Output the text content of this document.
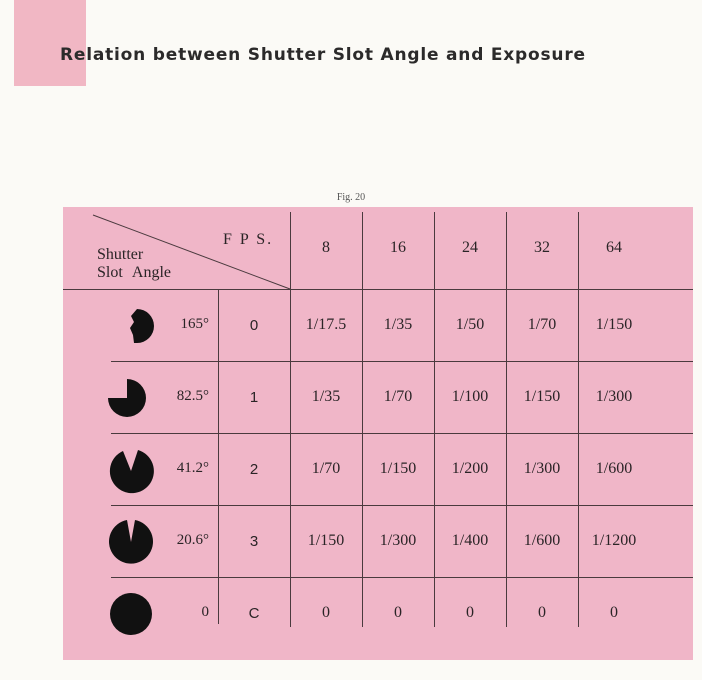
Relation between Shutter Slot Angle and Exposure
Fig. 20
F P S.
Shutter
Slot Angle
8	16	24	32	64
165°	0	1/17.5	1/35	1/50	1/70	1/150
82.5°	1	1/35	1/70	1/100	1/150	1/300
41.2°	2	1/70	1/150	1/200	1/300	1/600
20.6°	3	1/150	1/300	1/400	1/600	1/1200
0	C	0	0	0	0	0
